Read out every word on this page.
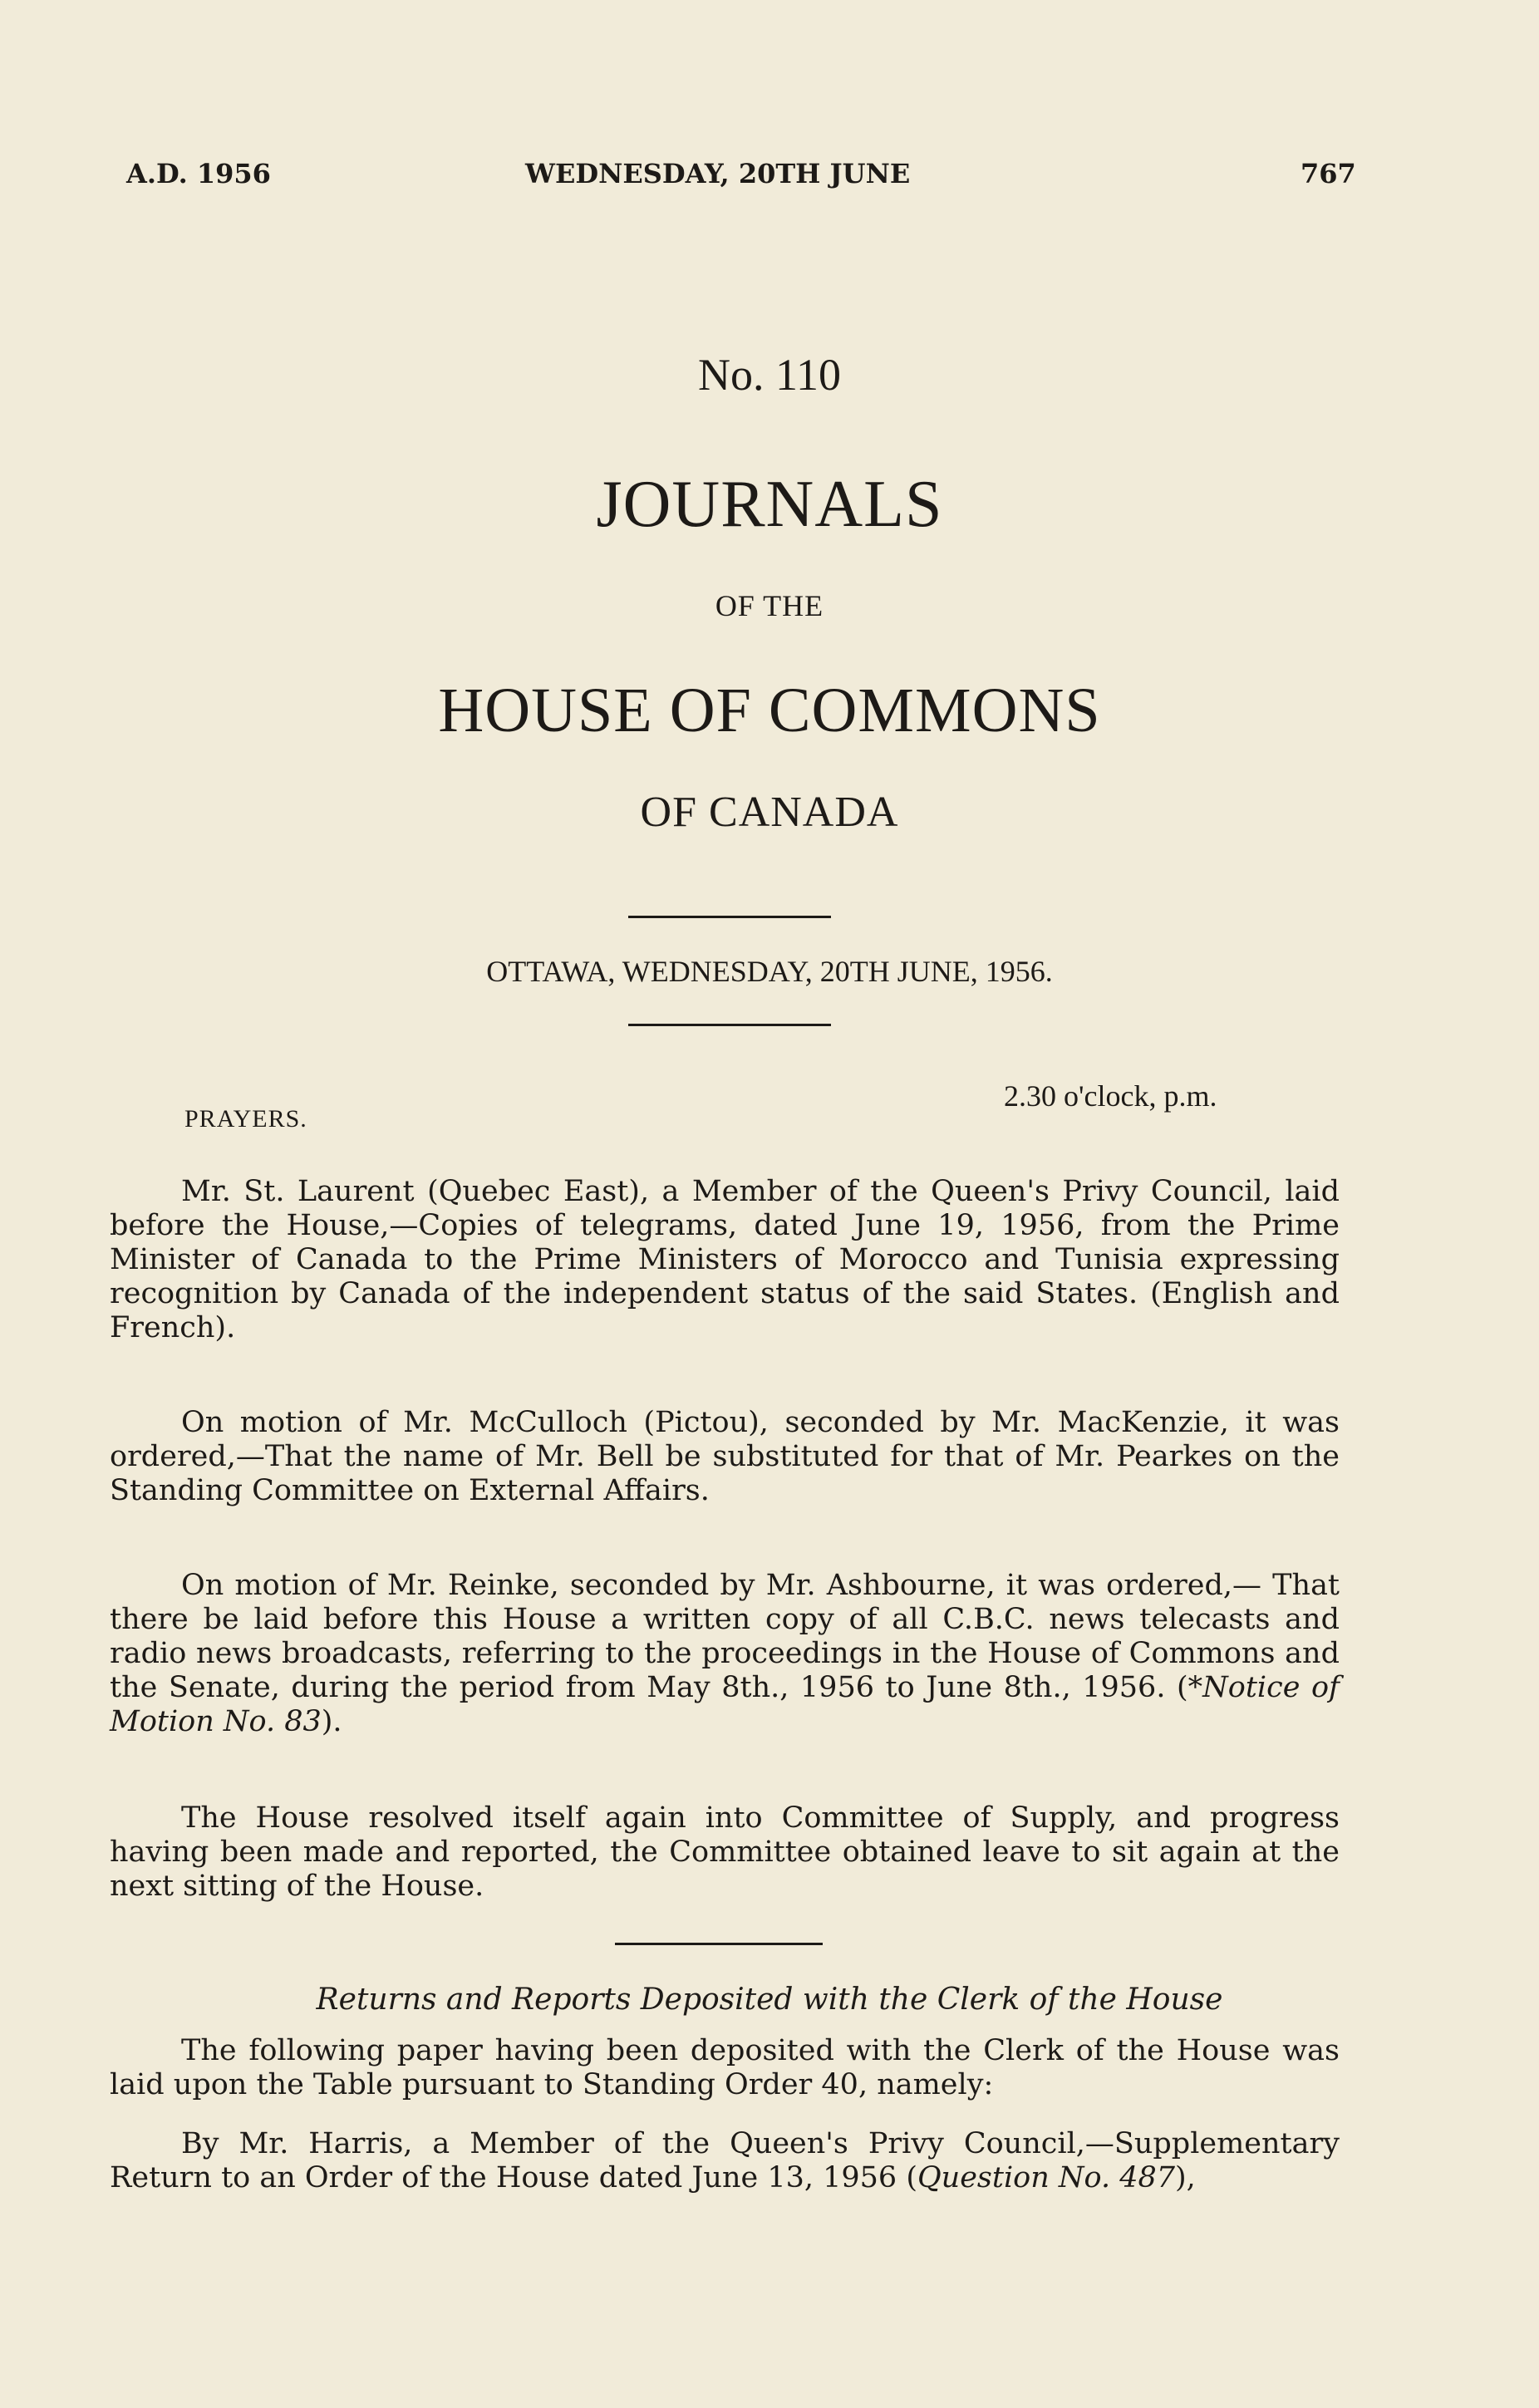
A.D. 1956	WEDNESDAY, 20TH JUNE	767
No. 110
JOURNALS
OF THE
HOUSE OF COMMONS
OF CANADA
OTTAWA, WEDNESDAY, 20TH JUNE, 1956.
2.30 o'clock, p.m.
PRAYERS.

Mr. St. Laurent (Quebec East), a Member of the Queen's Privy Council, laid before the House,—Copies of telegrams, dated June 19, 1956, from the Prime Minister of Canada to the Prime Ministers of Morocco and Tunisia expressing recognition by Canada of the independent status of the said States. (English and French).

On motion of Mr. McCulloch (Pictou), seconded by Mr. MacKenzie, it was ordered,—That the name of Mr. Bell be substituted for that of Mr. Pearkes on the Standing Committee on External Affairs.

On motion of Mr. Reinke, seconded by Mr. Ashbourne, it was ordered,— That there be laid before this House a written copy of all C.B.C. news telecasts and radio news broadcasts, referring to the proceedings in the House of Commons and the Senate, during the period from May 8th., 1956 to June 8th., 1956. (*Notice of Motion No. 83).

The House resolved itself again into Committee of Supply, and progress having been made and reported, the Committee obtained leave to sit again at the next sitting of the House.

Returns and Reports Deposited with the Clerk of the House

The following paper having been deposited with the Clerk of the House was laid upon the Table pursuant to Standing Order 40, namely:

By Mr. Harris, a Member of the Queen's Privy Council,—Supplementary Return to an Order of the House dated June 13, 1956 (Question No. 487),
